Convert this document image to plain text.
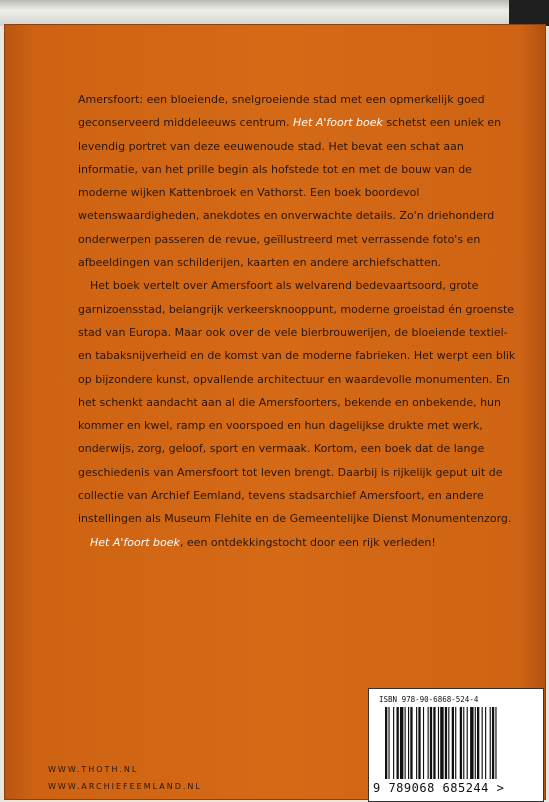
Amersfoort: een bloeiende, snelgroeiende stad met een opmerkelijk goed geconserveerd middeleeuws centrum. Het A'foort boek schetst een uniek en levendig portret van deze eeuwenoude stad. Het bevat een schat aan informatie, van het prille begin als hofstede tot en met de bouw van de moderne wijken Kattenbroek en Vathorst. Een boek boordevol wetenswaardigheden, anekdotes en onverwachte details. Zo'n driehonderd onderwerpen passeren de revue, geïllustreerd met verrassende foto's en afbeeldingen van schilderijen, kaarten en andere archiefschatten.

Het boek vertelt over Amersfoort als welvarend bedevaartsoord, grote garnizoensstad, belangrijk verkeersknooppunt, moderne groeistad én groenste stad van Europa. Maar ook over de vele bierbrouwerijen, de bloeiende textiel- en tabaksnijverheid en de komst van de moderne fabrieken. Het werpt een blik op bijzondere kunst, opvallende architectuur en waardevolle monumenten. En het schenkt aandacht aan al die Amersfoorters, bekende en onbekende, hun kommer en kwel, ramp en voorspoed en hun dagelijkse drukte met werk, onderwijs, zorg, geloof, sport en vermaak. Kortom, een boek dat de lange geschiedenis van Amersfoort tot leven brengt. Daarbij is rijkelijk geput uit de collectie van Archief Eemland, tevens stadsarchief Amersfoort, en andere instellingen als Museum Flehite en de Gemeentelijke Dienst Monumentenzorg.

Het A'foort boek, een ontdekkingstocht door een rijk verleden!

WWW.THOTH.NL
WWW.ARCHIEFEEMLAND.NL
ISBN 978-90-6868-524-4
9 789068 685244 >
